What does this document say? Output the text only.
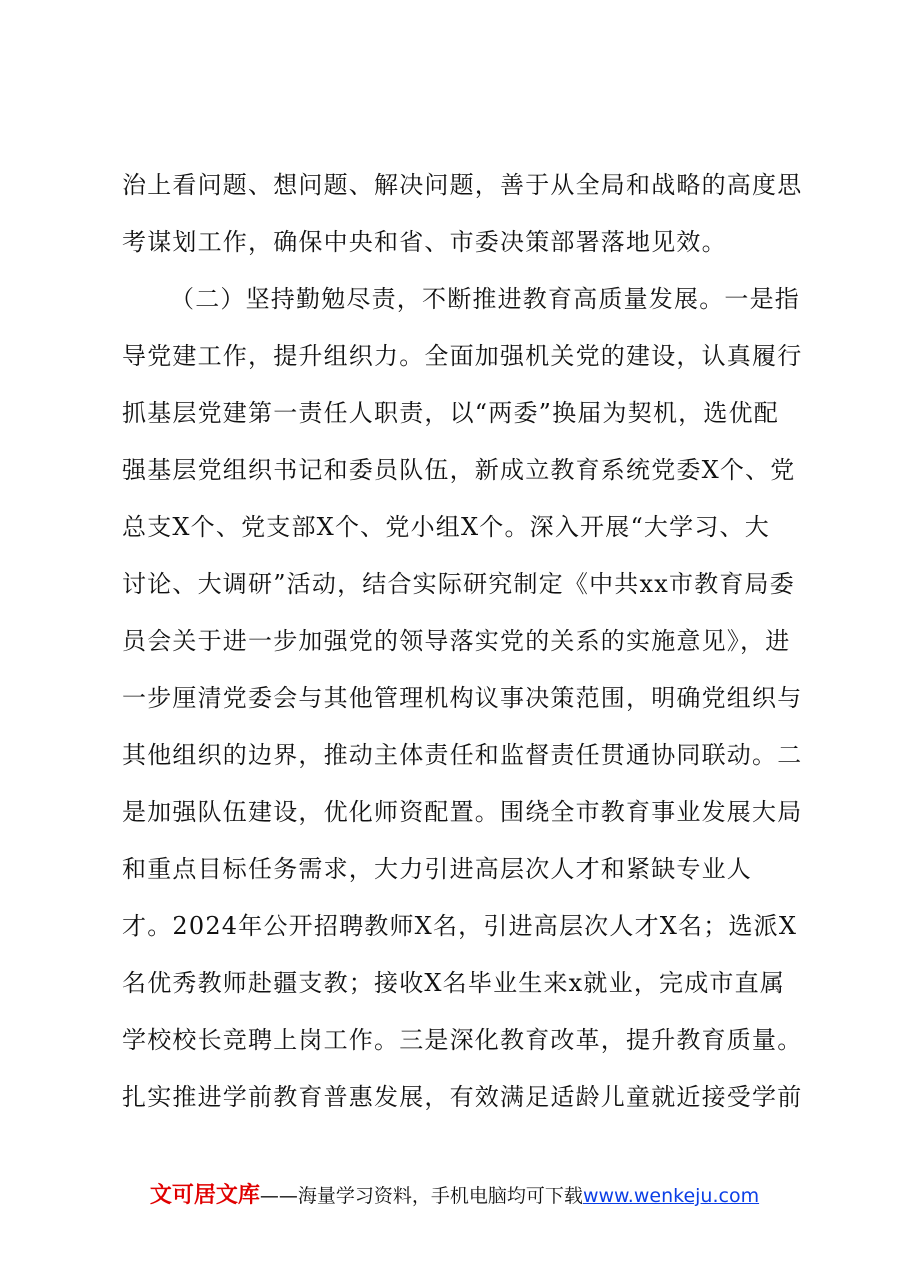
治上看问题、想问题、解决问题，善于从全局和战略的高度思
考谋划工作，确保中央和省、市委决策部署落地见效。
（二）坚持勤勉尽责，不断推进教育高质量发展。一是指
导党建工作，提升组织力。全面加强机关党的建设，认真履行
抓基层党建第一责任人职责，以“两委”换届为契机，选优配
强基层党组织书记和委员队伍，新成立教育系统党委X个、党
总支X个、党支部X个、党小组X个。深入开展“大学习、大
讨论、大调研”活动，结合实际研究制定《中共xx市教育局委
员会关于进一步加强党的领导落实党的关系的实施意见》，进
一步厘清党委会与其他管理机构议事决策范围，明确党组织与
其他组织的边界，推动主体责任和监督责任贯通协同联动。二
是加强队伍建设，优化师资配置。围绕全市教育事业发展大局
和重点目标任务需求，大力引进高层次人才和紧缺专业人
才。2024年公开招聘教师X名，引进高层次人才X名；选派X
名优秀教师赴疆支教；接收X名毕业生来x就业，完成市直属
学校校长竞聘上岗工作。三是深化教育改革，提升教育质量。
扎实推进学前教育普惠发展，有效满足适龄儿童就近接受学前
文可居文库——海量学习资料，手机电脑均可下载www.wenkeju.com
